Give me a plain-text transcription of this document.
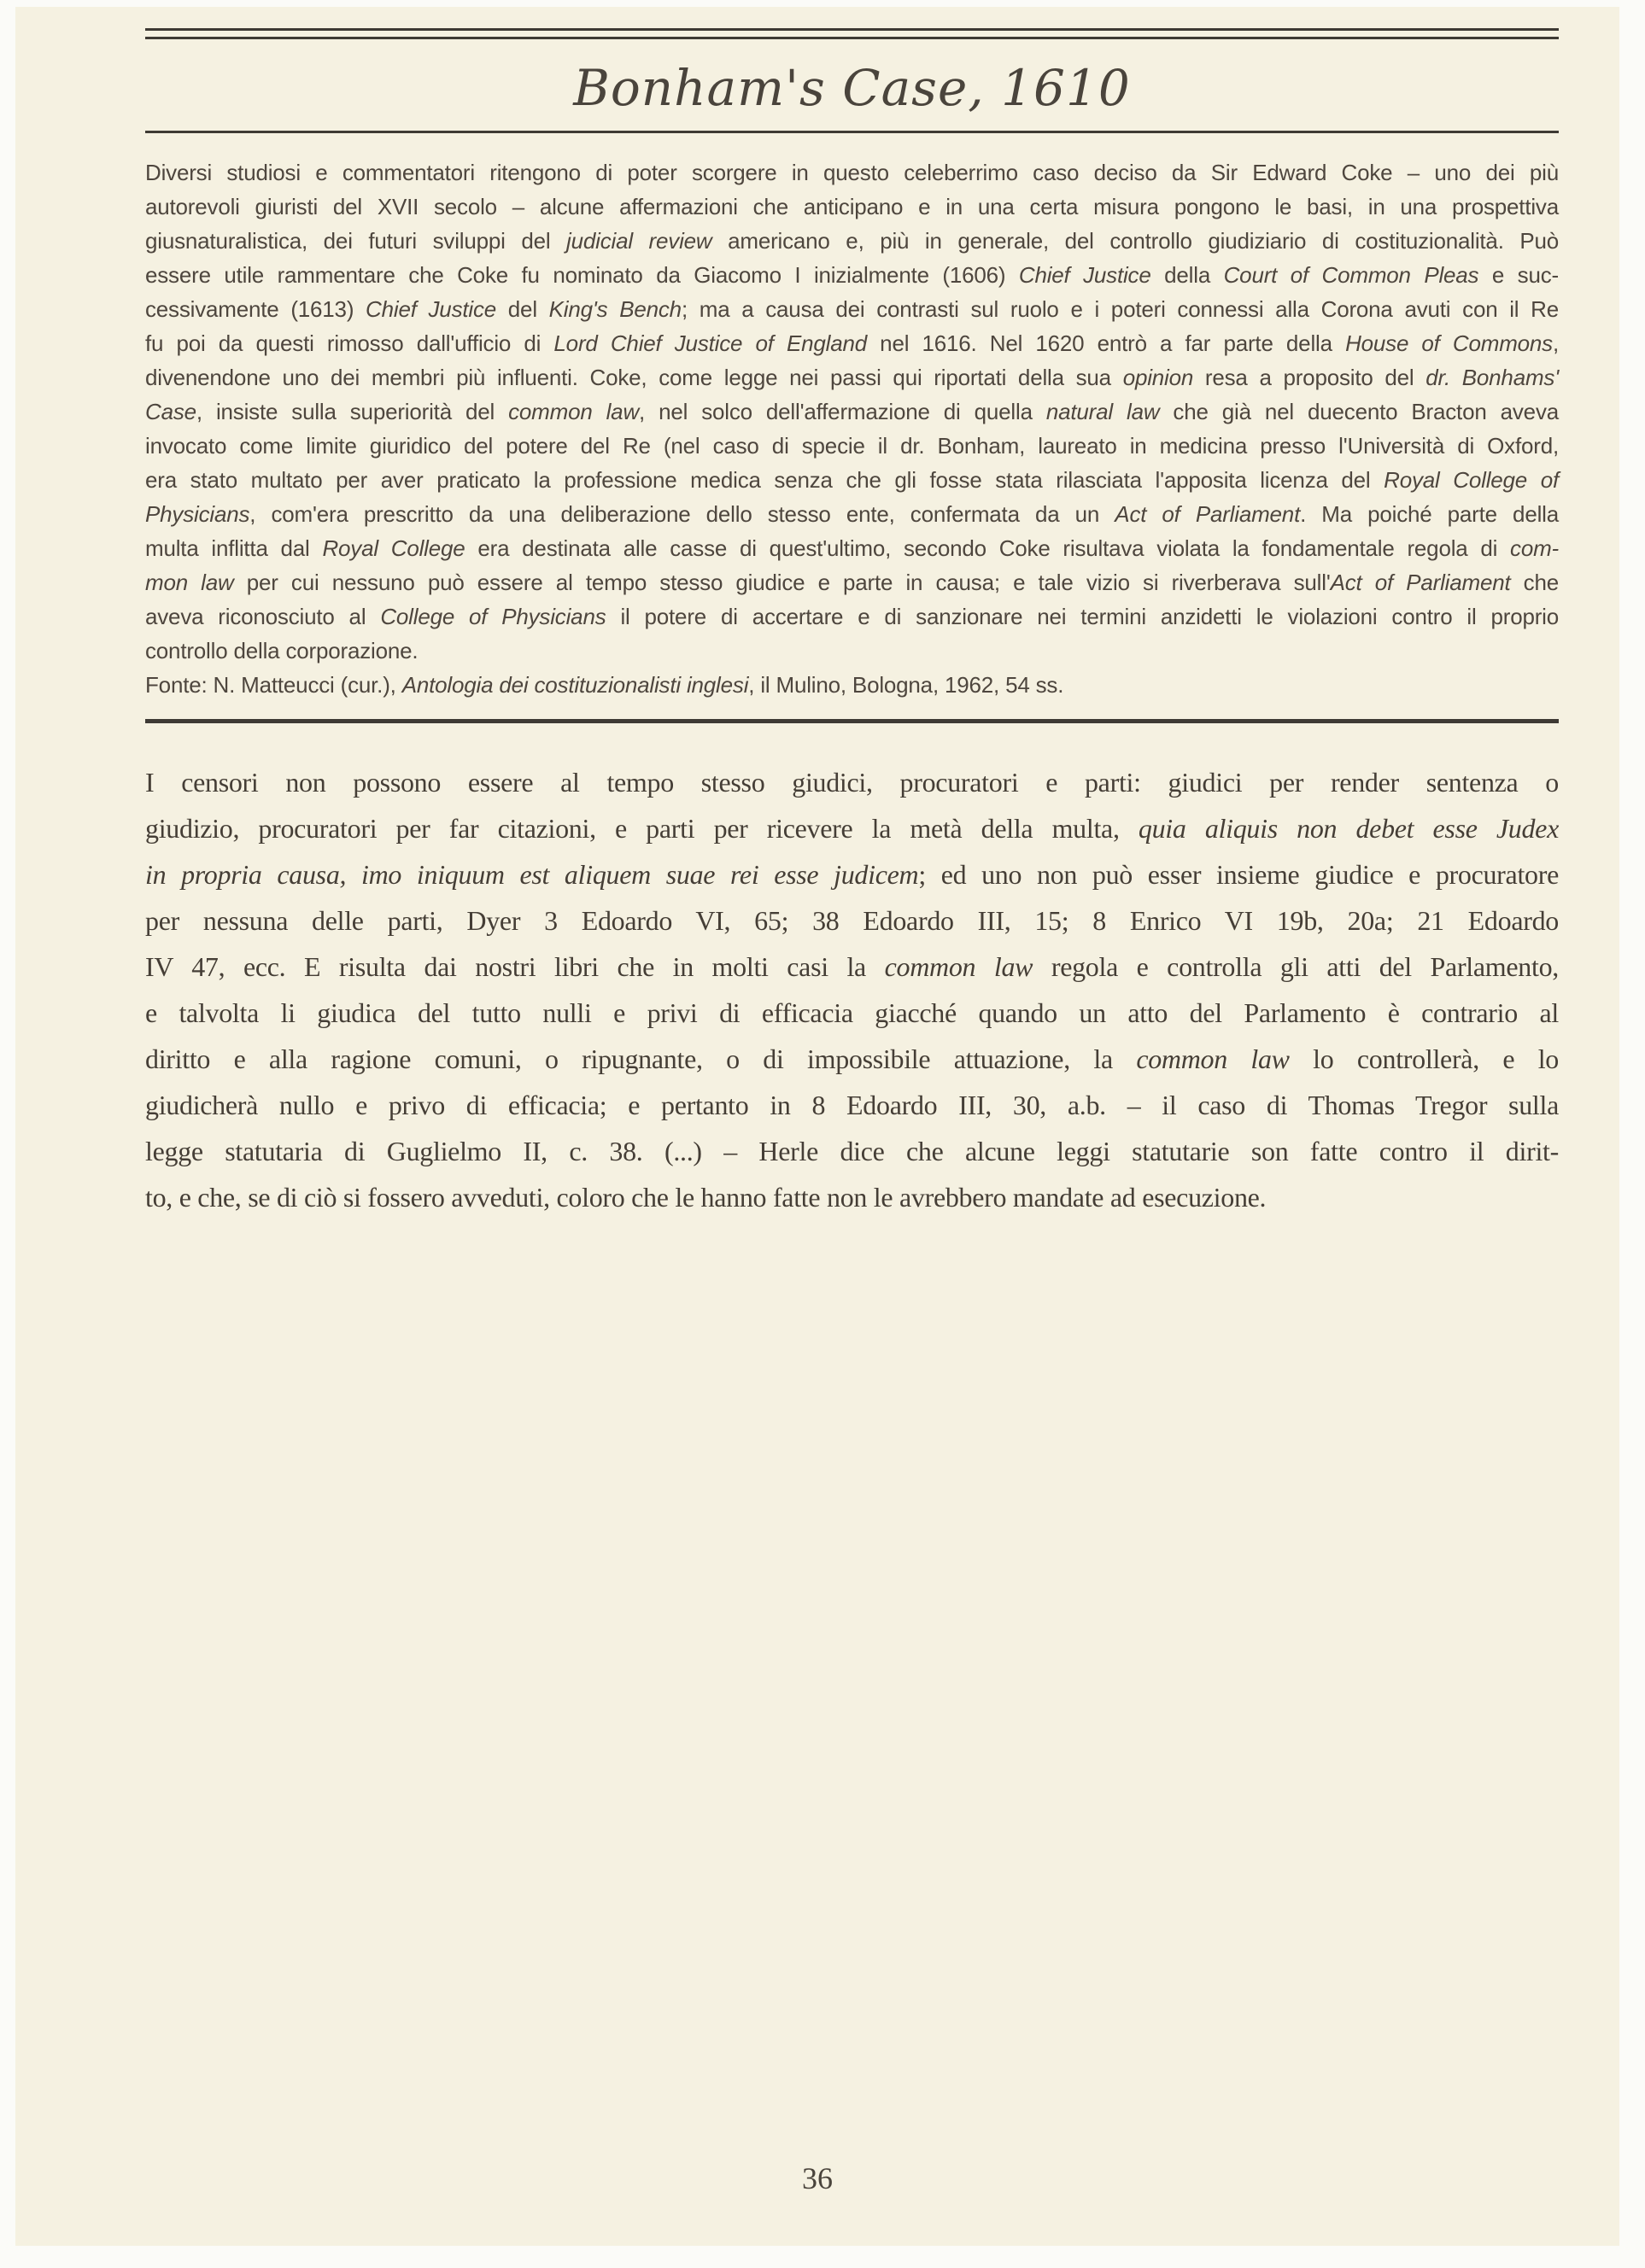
Bonham's Case, 1610
Diversi studiosi e commentatori ritengono di poter scorgere in questo celeberrimo caso deciso da Sir Edward Coke – uno dei più
autorevoli giuristi del XVII secolo – alcune affermazioni che anticipano e in una certa misura pongono le basi, in una prospettiva
giusnaturalistica, dei futuri sviluppi del judicial review americano e, più in generale, del controllo giudiziario di costituzionalità. Può
essere utile rammentare che Coke fu nominato da Giacomo I inizialmente (1606) Chief Justice della Court of Common Pleas e suc-
cessivamente (1613) Chief Justice del King's Bench; ma a causa dei contrasti sul ruolo e i poteri connessi alla Corona avuti con il Re
fu poi da questi rimosso dall'ufficio di Lord Chief Justice of England nel 1616. Nel 1620 entrò a far parte della House of Commons,
divenendone uno dei membri più influenti. Coke, come legge nei passi qui riportati della sua opinion resa a proposito del dr. Bonhams'
Case, insiste sulla superiorità del common law, nel solco dell'affermazione di quella natural law che già nel duecento Bracton aveva
invocato come limite giuridico del potere del Re (nel caso di specie il dr. Bonham, laureato in medicina presso l'Università di Oxford,
era stato multato per aver praticato la professione medica senza che gli fosse stata rilasciata l'apposita licenza del Royal College of
Physicians, com'era prescritto da una deliberazione dello stesso ente, confermata da un Act of Parliament. Ma poiché parte della
multa inflitta dal Royal College era destinata alle casse di quest'ultimo, secondo Coke risultava violata la fondamentale regola di com-
mon law per cui nessuno può essere al tempo stesso giudice e parte in causa; e tale vizio si riverberava sull'Act of Parliament che
aveva riconosciuto al College of Physicians il potere di accertare e di sanzionare nei termini anzidetti le violazioni contro il proprio
controllo della corporazione.
Fonte: N. Matteucci (cur.), Antologia dei costituzionalisti inglesi, il Mulino, Bologna, 1962, 54 ss.
I censori non possono essere al tempo stesso giudici, procuratori e parti: giudici per render sentenza o
giudizio, procuratori per far citazioni, e parti per ricevere la metà della multa, quia aliquis non debet esse Judex
in propria causa, imo iniquum est aliquem suae rei esse judicem; ed uno non può esser insieme giudice e procuratore
per nessuna delle parti, Dyer 3 Edoardo VI, 65; 38 Edoardo III, 15; 8 Enrico VI 19b, 20a; 21 Edoardo
IV 47, ecc. E risulta dai nostri libri che in molti casi la common law regola e controlla gli atti del Parlamento,
e talvolta li giudica del tutto nulli e privi di efficacia giacché quando un atto del Parlamento è contrario al
diritto e alla ragione comuni, o ripugnante, o di impossibile attuazione, la common law lo controllerà, e lo
giudicherà nullo e privo di efficacia; e pertanto in 8 Edoardo III, 30, a.b. – il caso di Thomas Tregor sulla
legge statutaria di Guglielmo II, c. 38. (...) – Herle dice che alcune leggi statutarie son fatte contro il dirit-
to, e che, se di ciò si fossero avveduti, coloro che le hanno fatte non le avrebbero mandate ad esecuzione.
36
